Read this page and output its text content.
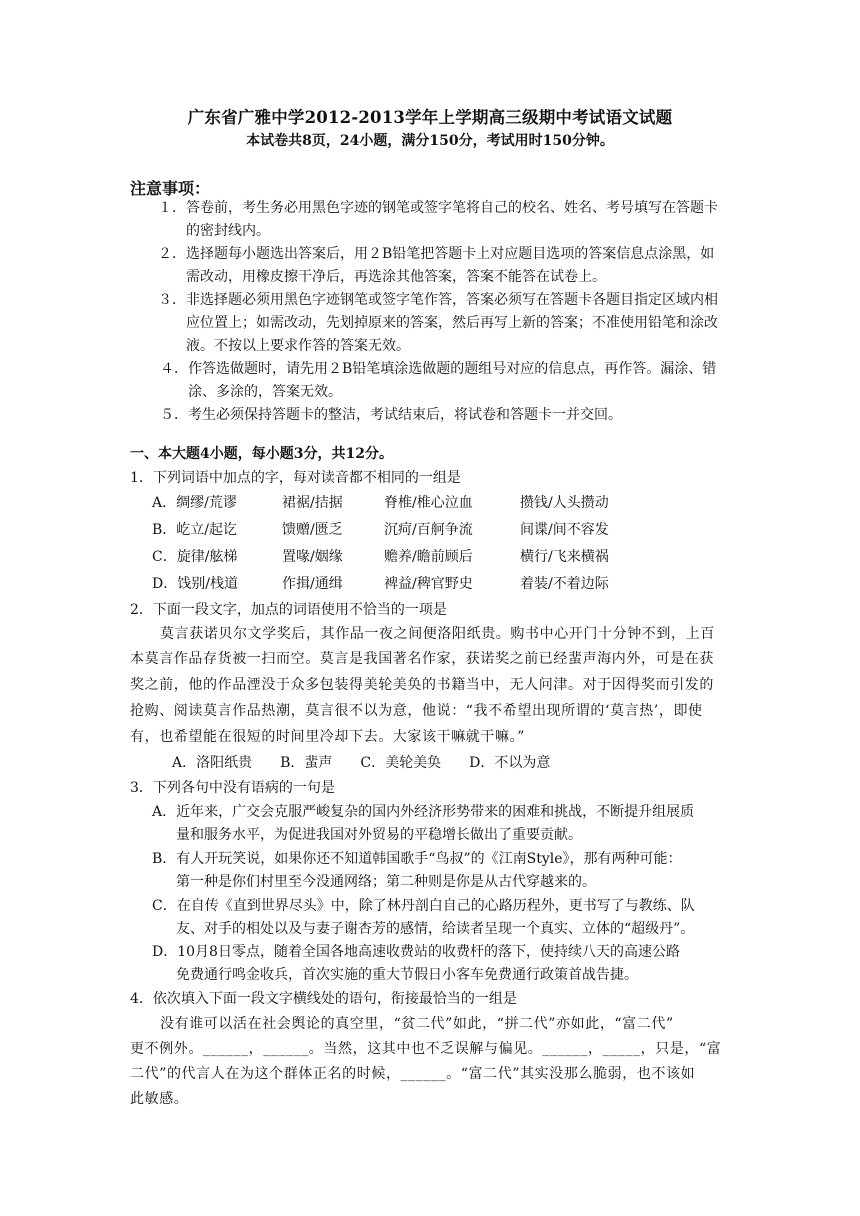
广东省广雅中学2012-2013学年上学期高三级期中考试语文试题
本试卷共8页，24小题，满分150分，考试用时150分钟。
注意事项：
１．答卷前，考生务必用黑色字迹的钢笔或签字笔将自己的校名、姓名、考号填写在答题卡
的密封线内。
２．选择题每小题选出答案后，用２B铅笔把答题卡上对应题目选项的答案信息点涂黑，如
需改动，用橡皮擦干净后，再选涂其他答案，答案不能答在试卷上。
３．非选择题必须用黑色字迹钢笔或签字笔作答，答案必须写在答题卡各题目指定区域内相
应位置上；如需改动，先划掉原来的答案，然后再写上新的答案；不准使用铅笔和涂改
液。不按以上要求作答的答案无效。
４．作答选做题时，请先用２B铅笔填涂选做题的题组号对应的信息点，再作答。漏涂、错
涂、多涂的，答案无效。
５．考生必须保持答题卡的整洁，考试结束后，将试卷和答题卡一并交回。
一、本大题4小题，每小题3分，共12分。
1．下列词语中加点的字，每对读音都不相同的一组是
A．绸缪/荒谬	裙裾/拮据	脊椎/椎心泣血	攒钱/人头攒动
B．屹立/起讫	馈赠/匮乏	沉疴/百舸争流	间谍/间不容发
C．旋律/舷梯	置喙/姻缘	赡养/瞻前顾后	横行/飞来横祸
D．饯别/栈道	作揖/通缉	裨益/稗官野史	着装/不着边际
2．下面一段文字，加点的词语使用不恰当的一项是
莫言获诺贝尔文学奖后，其作品一夜之间便洛阳纸贵。购书中心开门十分钟不到，上百
本莫言作品存货被一扫而空。莫言是我国著名作家，获诺奖之前已经蜚声海内外，可是在获
奖之前，他的作品湮没于众多包装得美轮美奂的书籍当中，无人问津。对于因得奖而引发的
抢购、阅读莫言作品热潮，莫言很不以为意，他说：“我不希望出现所谓的‘莫言热’，即使
有，也希望能在很短的时间里冷却下去。大家该干嘛就干嘛。”
A．洛阳纸贵　　B．蜚声　　C．美轮美奂　　D．不以为意
3．下列各句中没有语病的一句是
A．近年来，广交会克服严峻复杂的国内外经济形势带来的困难和挑战，不断提升组展质
量和服务水平，为促进我国对外贸易的平稳增长做出了重要贡献。
B．有人开玩笑说，如果你还不知道韩国歌手“鸟叔”的《江南Style》，那有两种可能：
第一种是你们村里至今没通网络；第二种则是你是从古代穿越来的。
C．在自传《直到世界尽头》中，除了林丹剖白自己的心路历程外，更书写了与教练、队
友、对手的相处以及与妻子谢杏芳的感情，给读者呈现一个真实、立体的“超级丹”。
D．10月8日零点，随着全国各地高速收费站的收费杆的落下，使持续八天的高速公路
免费通行鸣金收兵，首次实施的重大节假日小客车免费通行政策首战告捷。
4．依次填入下面一段文字横线处的语句，衔接最恰当的一组是
没有谁可以活在社会舆论的真空里，“贫二代”如此，“拼二代”亦如此，“富二代”
更不例外。______，______。当然，这其中也不乏误解与偏见。______，_____，只是，“富
二代”的代言人在为这个群体正名的时候，______。“富二代”其实没那么脆弱，也不该如
此敏感。
